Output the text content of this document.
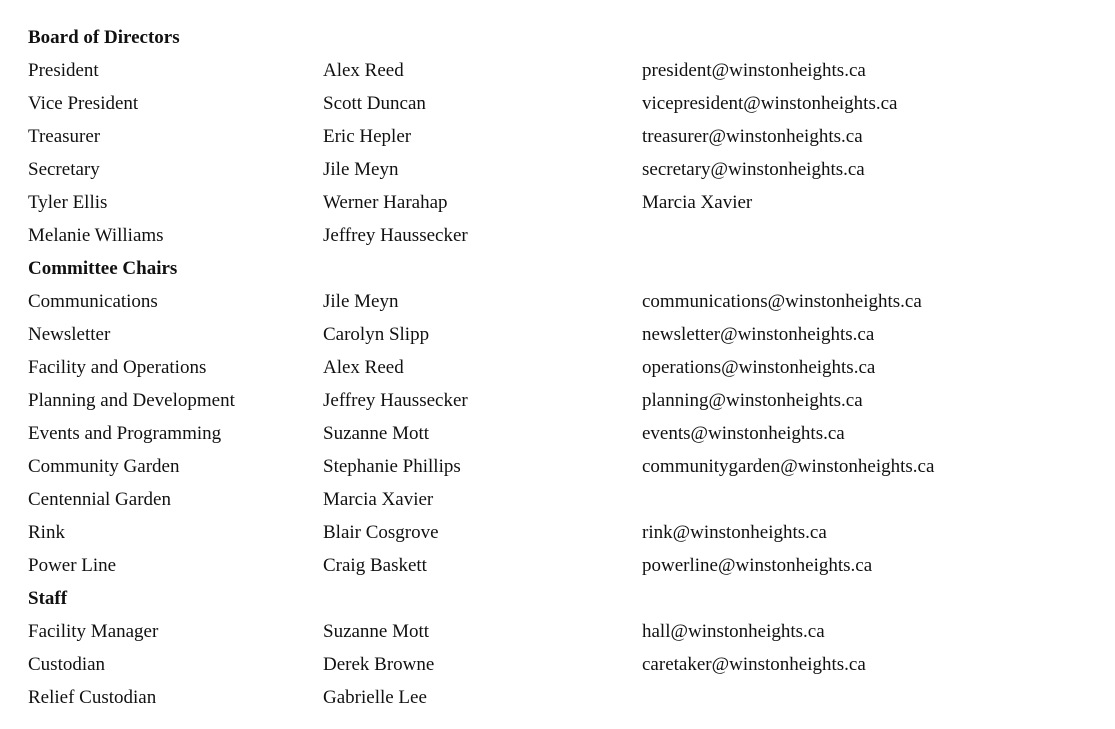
Board of Directors
President	Alex Reed	president@winstonheights.ca
Vice President	Scott Duncan	vicepresident@winstonheights.ca
Treasurer	Eric Hepler	treasurer@winstonheights.ca
Secretary	Jile Meyn	secretary@winstonheights.ca
Tyler Ellis	Werner Harahap	Marcia Xavier
Melanie Williams	Jeffrey Haussecker
Committee Chairs
Communications	Jile Meyn	communications@winstonheights.ca
Newsletter	Carolyn Slipp	newsletter@winstonheights.ca
Facility and Operations	Alex Reed	operations@winstonheights.ca
Planning and Development	Jeffrey Haussecker	planning@winstonheights.ca
Events and Programming	Suzanne Mott	events@winstonheights.ca
Community Garden	Stephanie Phillips	communitygarden@winstonheights.ca
Centennial Garden	Marcia Xavier
Rink	Blair Cosgrove	rink@winstonheights.ca
Power Line	Craig Baskett	powerline@winstonheights.ca
Staff
Facility Manager	Suzanne Mott	hall@winstonheights.ca
Custodian	Derek Browne	caretaker@winstonheights.ca
Relief Custodian	Gabrielle Lee
